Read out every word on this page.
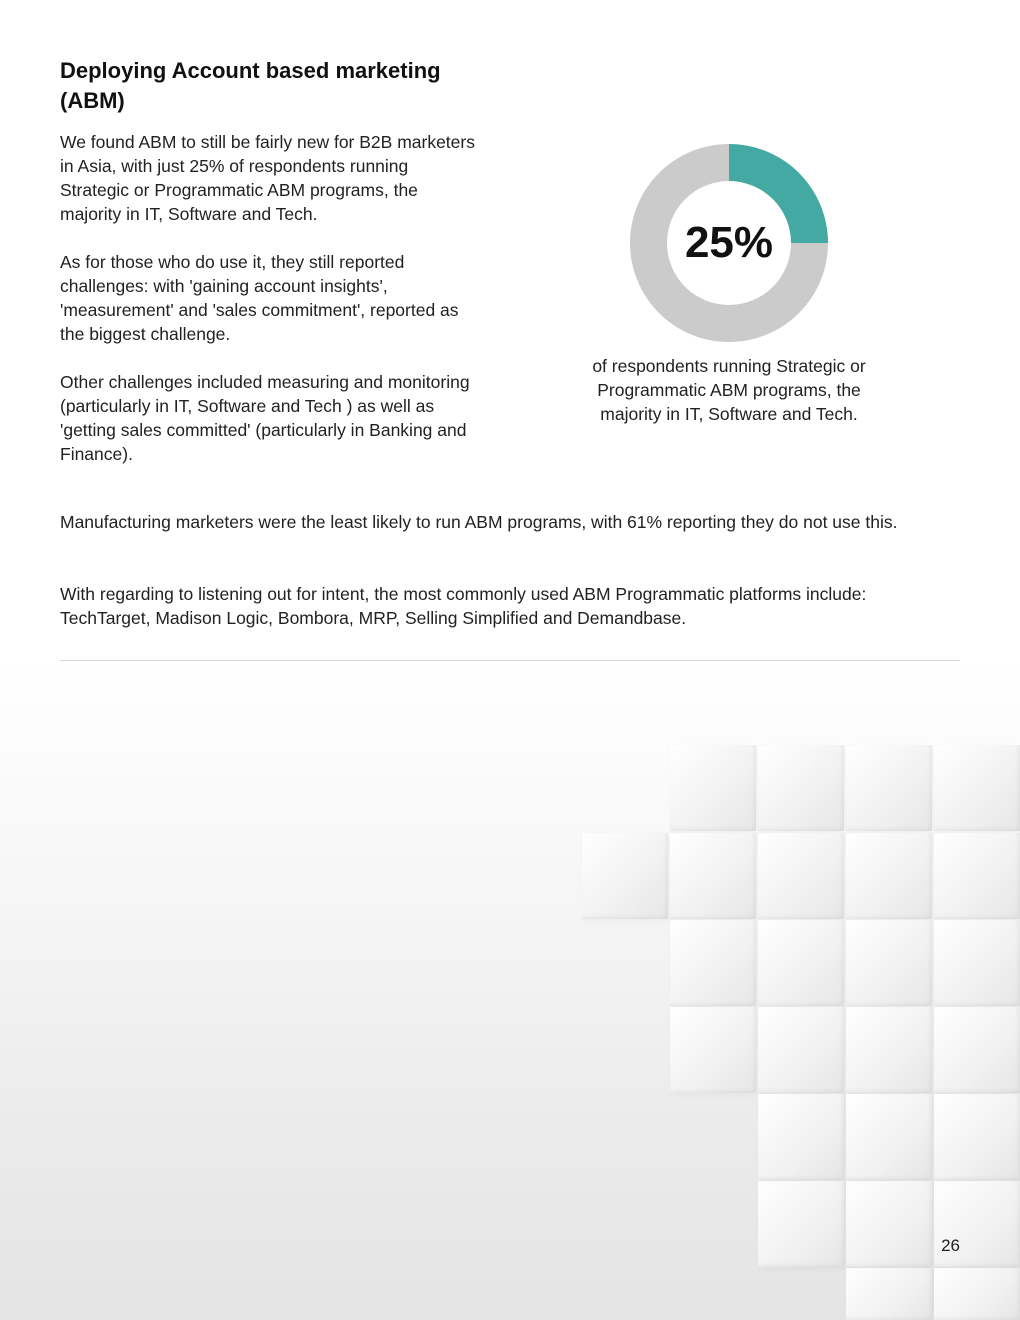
Deploying Account based marketing (ABM)

We found ABM to still be fairly new for B2B marketers in Asia, with just 25% of respondents running Strategic or Programmatic ABM programs, the majority in IT, Software and Tech.

As for those who do use it, they still reported challenges: with 'gaining account insights', 'measurement' and 'sales commitment', reported as the biggest challenge.

Other challenges included measuring and monitoring (particularly in IT, Software and Tech ) as well as 'getting sales committed' (particularly in Banking and Finance).

Manufacturing marketers were the least likely to run ABM programs, with 61% reporting they do not use this.

With regarding to listening out for intent, the most commonly used ABM Programmatic platforms include: TechTarget, Madison Logic, Bombora, MRP, Selling Simplified and Demandbase.

25%

of respondents running Strategic or Programmatic ABM programs, the majority in IT, Software and Tech.

26
